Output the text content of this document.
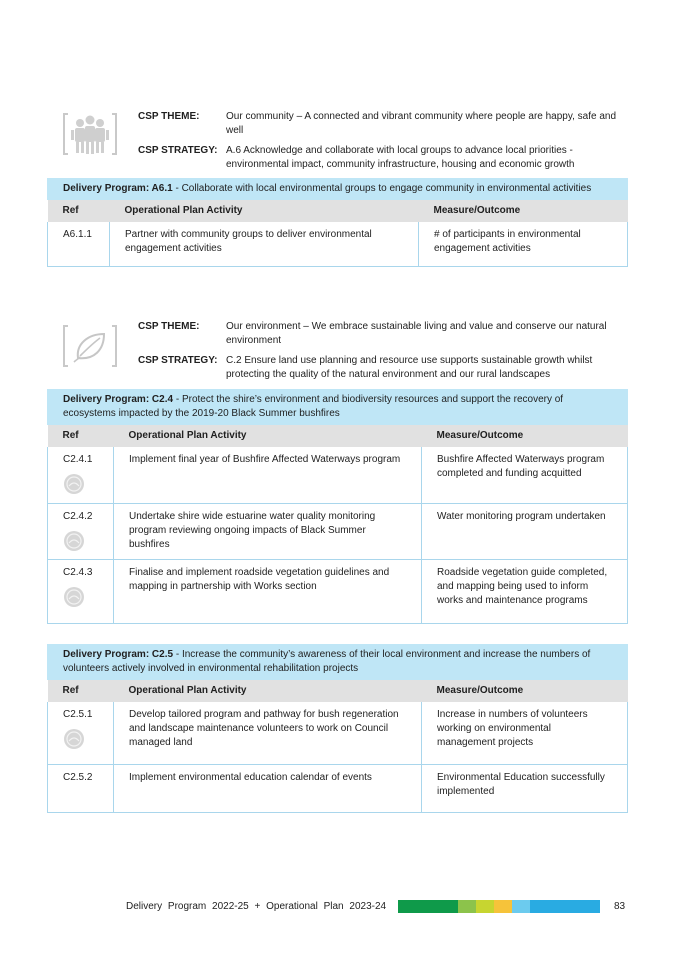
CSP THEME:	Our community – A connected and vibrant community where people are happy, safe and well
CSP STRATEGY: A.6 Acknowledge and collaborate with local groups to advance local priorities - environmental impact, community infrastructure, housing and economic growth
Delivery Program: A6.1 - Collaborate with local environmental groups to engage community in environmental activities		
Ref	Operational Plan Activity	Measure/Outcome
A6.1.1	Partner with community groups to deliver environmental engagement activities	# of participants in environmental engagement activities
CSP THEME:	Our environment – We embrace sustainable living and value and conserve our natural environment
CSP STRATEGY: C.2 Ensure land use planning and resource use supports sustainable growth whilst protecting the quality of the natural environment and our rural landscapes
Delivery Program: C2.4 - Protect the shire’s environment and biodiversity resources and support the recovery of ecosystems impacted by the 2019-20 Black Summer bushfires		
Ref	Operational Plan Activity	Measure/Outcome
C2.4.1	Implement final year of Bushfire Affected Waterways program	Bushfire Affected Waterways program completed and funding acquitted
C2.4.2	Undertake shire wide estuarine water quality monitoring program reviewing ongoing impacts of Black Summer bushfires	Water monitoring program undertaken
C2.4.3	Finalise and implement roadside vegetation guidelines and mapping in partnership with Works section	Roadside vegetation guide completed, and mapping being used to inform works and maintenance programs
Delivery Program: C2.5 - Increase the community’s awareness of their local environment and increase the numbers of volunteers actively involved in environmental rehabilitation projects		
Ref	Operational Plan Activity	Measure/Outcome
C2.5.1	Develop tailored program and pathway for bush regeneration and landscape maintenance volunteers to work on Council managed land	Increase in numbers of volunteers working on environmental management projects
C2.5.2	Implement environmental education calendar of events	Environmental Education successfully implemented
Delivery Program 2022-25 + Operational Plan 2023-24	83
